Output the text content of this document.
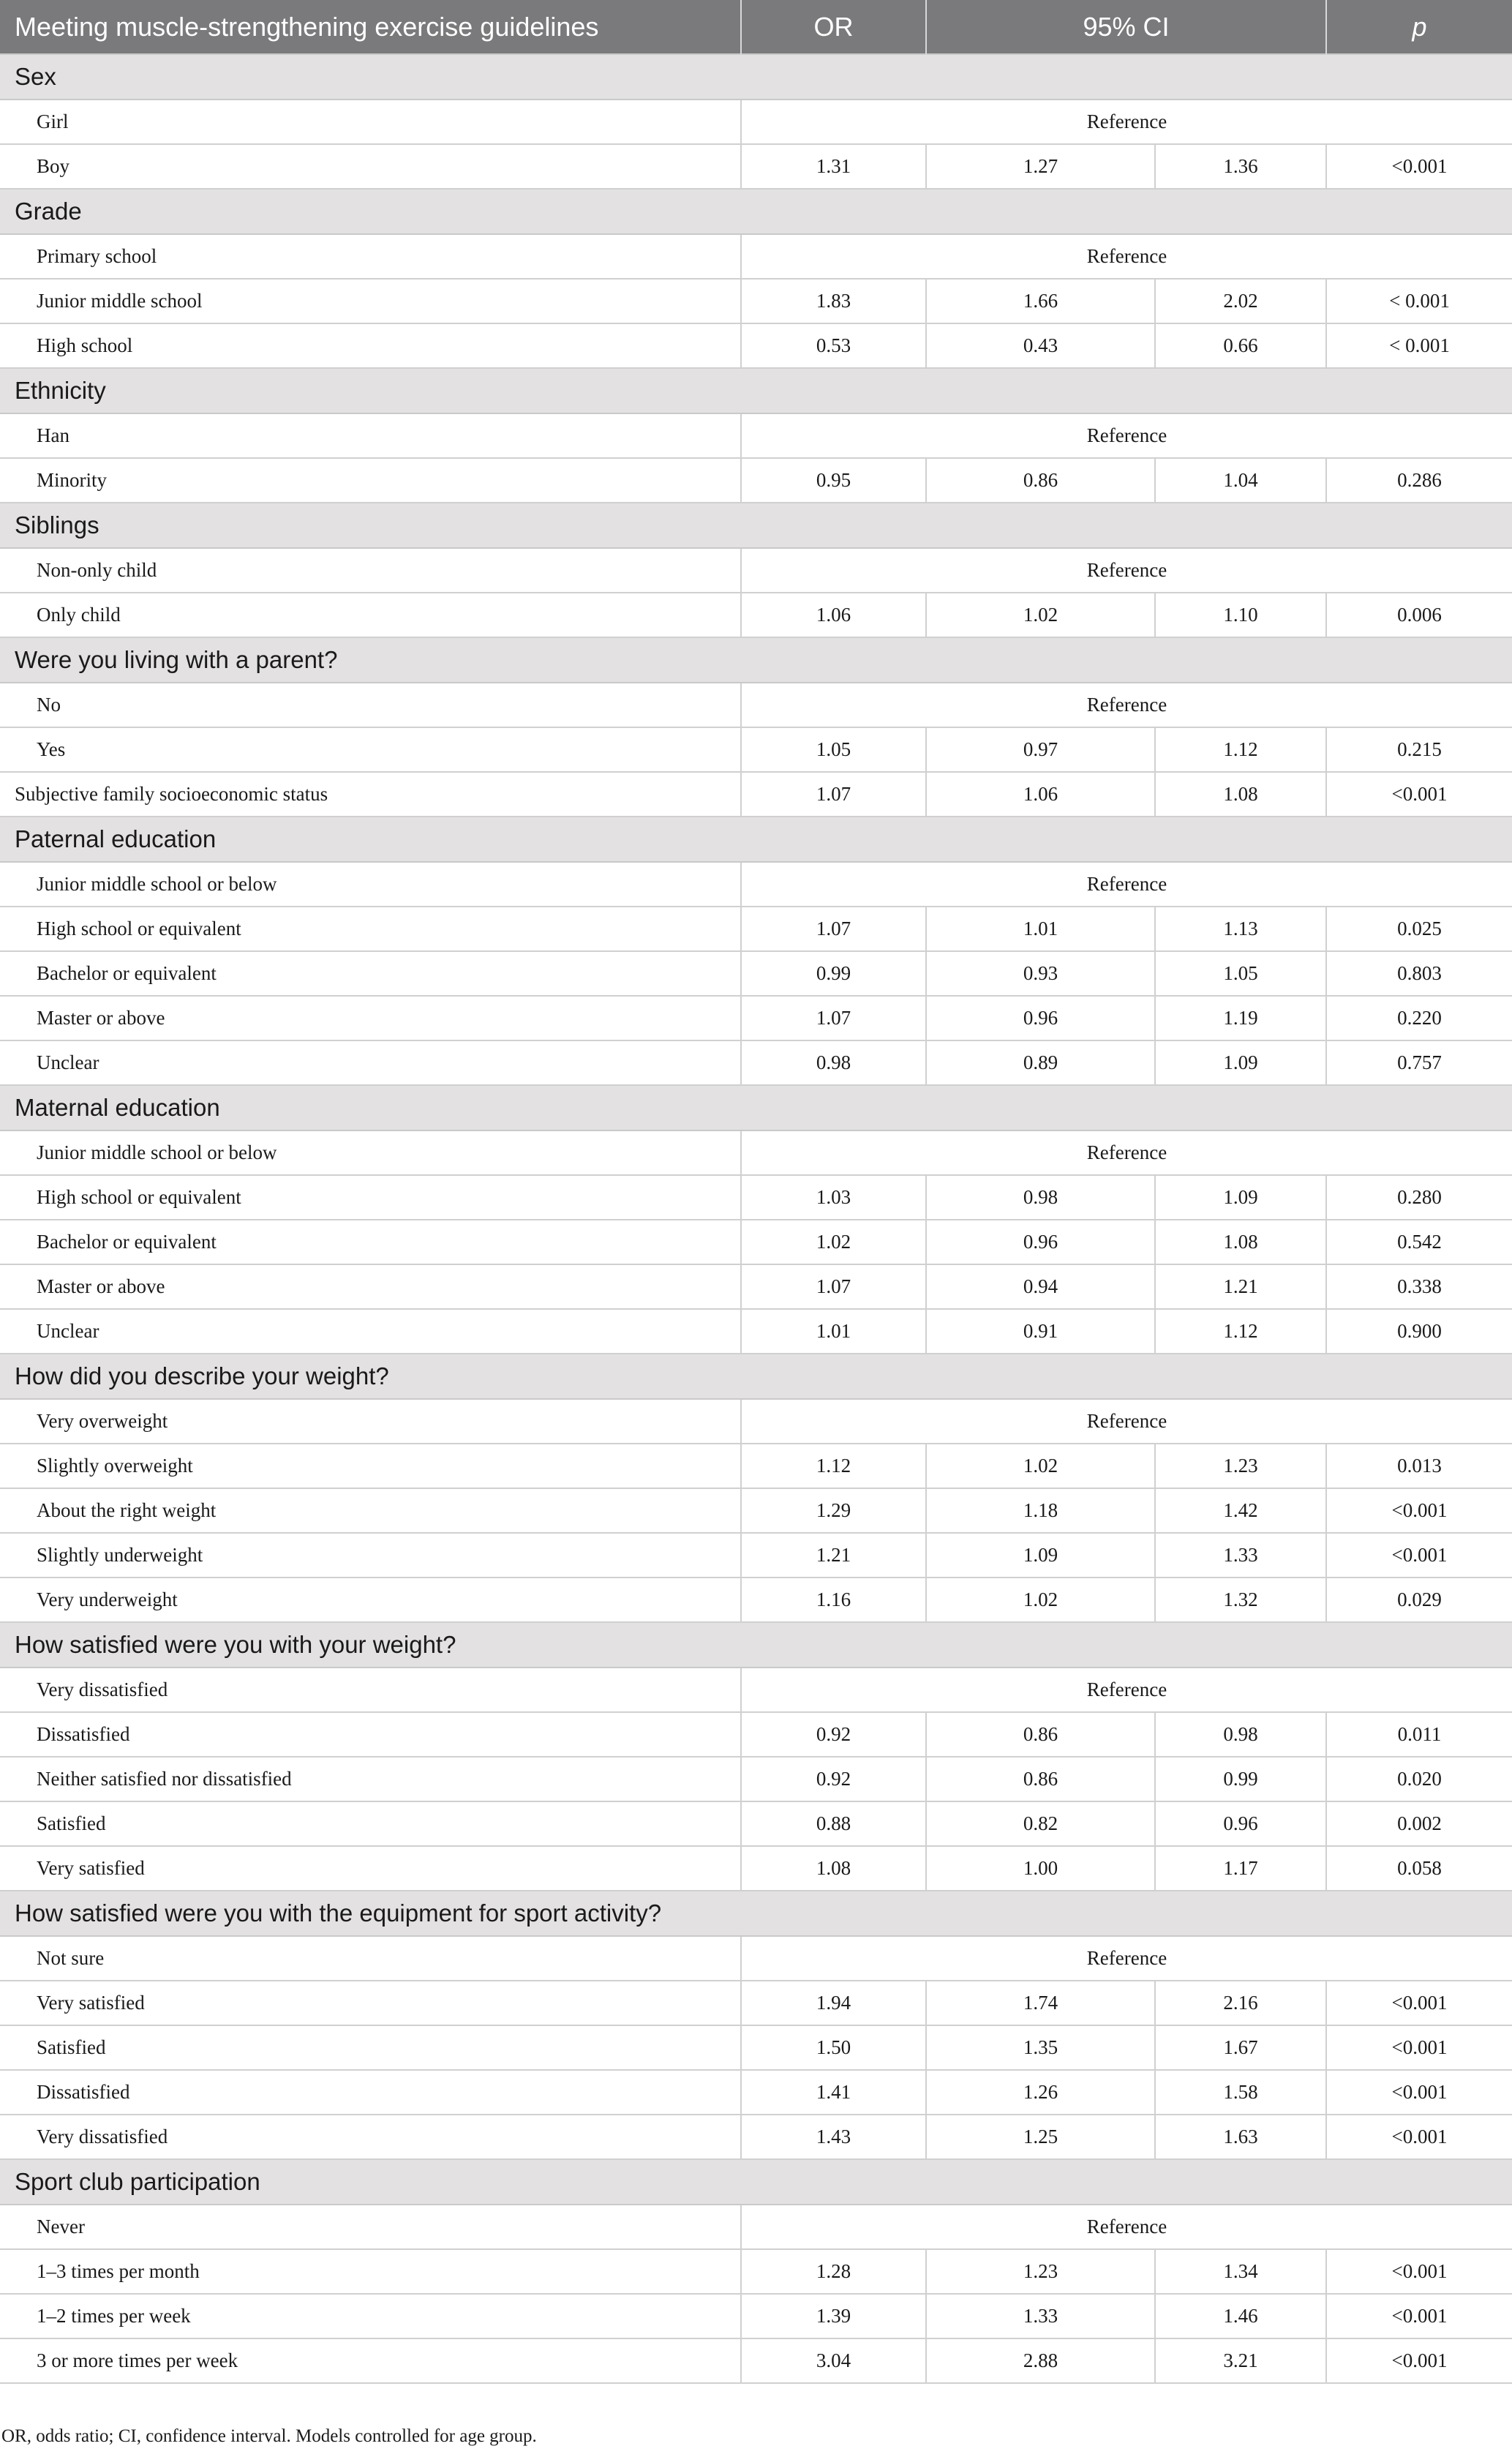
Meeting muscle-strengthening exercise guidelines	OR	95% CI		p
Sex				
Girl	Reference			
Boy	1.31	1.27	1.36	<0.001
Grade				
Primary school	Reference			
Junior middle school	1.83	1.66	2.02	< 0.001
High school	0.53	0.43	0.66	< 0.001
Ethnicity				
Han	Reference			
Minority	0.95	0.86	1.04	0.286
Siblings				
Non-only child	Reference			
Only child	1.06	1.02	1.10	0.006
Were you living with a parent?				
No	Reference			
Yes	1.05	0.97	1.12	0.215
Subjective family socioeconomic status	1.07	1.06	1.08	<0.001
Paternal education				
Junior middle school or below	Reference			
High school or equivalent	1.07	1.01	1.13	0.025
Bachelor or equivalent	0.99	0.93	1.05	0.803
Master or above	1.07	0.96	1.19	0.220
Unclear	0.98	0.89	1.09	0.757
Maternal education				
Junior middle school or below	Reference			
High school or equivalent	1.03	0.98	1.09	0.280
Bachelor or equivalent	1.02	0.96	1.08	0.542
Master or above	1.07	0.94	1.21	0.338
Unclear	1.01	0.91	1.12	0.900
How did you describe your weight?				
Very overweight	Reference			
Slightly overweight	1.12	1.02	1.23	0.013
About the right weight	1.29	1.18	1.42	<0.001
Slightly underweight	1.21	1.09	1.33	<0.001
Very underweight	1.16	1.02	1.32	0.029
How satisfied were you with your weight?				
Very dissatisfied	Reference			
Dissatisfied	0.92	0.86	0.98	0.011
Neither satisfied nor dissatisfied	0.92	0.86	0.99	0.020
Satisfied	0.88	0.82	0.96	0.002
Very satisfied	1.08	1.00	1.17	0.058
How satisfied were you with the equipment for sport activity?				
Not sure	Reference			
Very satisfied	1.94	1.74	2.16	<0.001
Satisfied	1.50	1.35	1.67	<0.001
Dissatisfied	1.41	1.26	1.58	<0.001
Very dissatisfied	1.43	1.25	1.63	<0.001
Sport club participation				
Never	Reference			
1–3 times per month	1.28	1.23	1.34	<0.001
1–2 times per week	1.39	1.33	1.46	<0.001
3 or more times per week	3.04	2.88	3.21	<0.001
OR, odds ratio; CI, confidence interval. Models controlled for age group.
